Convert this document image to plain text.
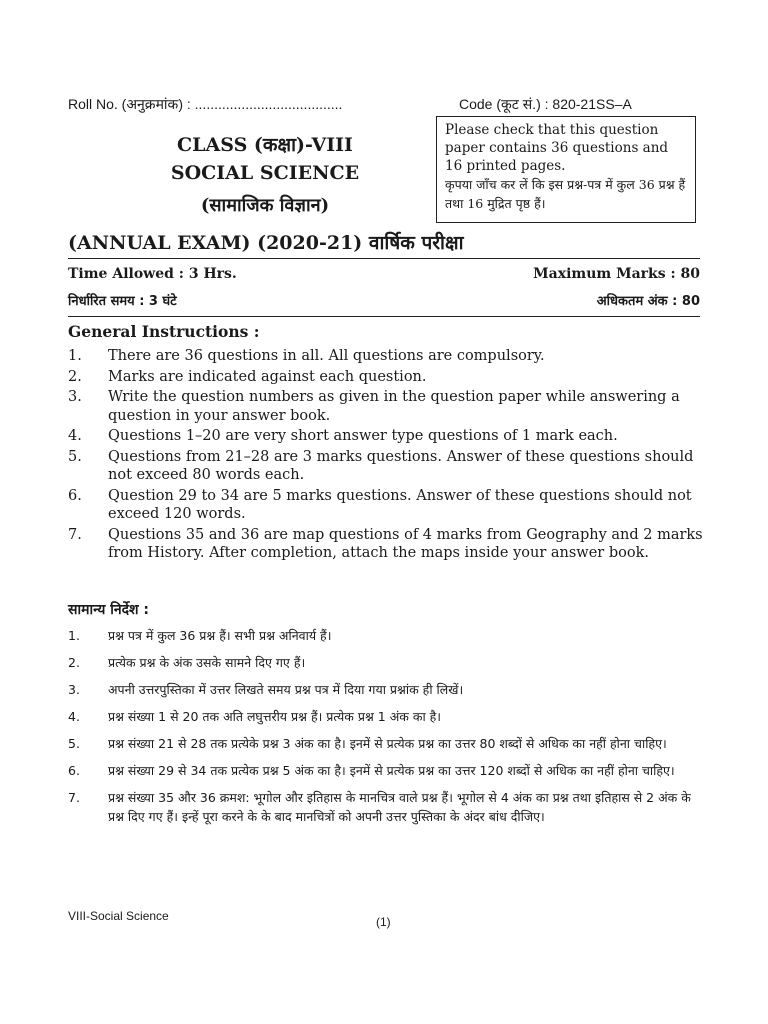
Roll No. (अनुक्रमांक) : ......................................	Code (कूट सं.) : 820-21SS–A
CLASS (कक्षा)-VIII
SOCIAL SCIENCE
(सामाजिक विज्ञान)
(ANNUAL EXAM) (2020-21) वार्षिक परीक्षा
Please check that this question paper contains 36 questions and 16 printed pages.
कृपया जाँच कर लें कि इस प्रश्न-पत्र में कुल 36 प्रश्न हैं तथा 16 मुद्रित पृष्ठ हैं।
Time Allowed : 3 Hrs.	Maximum Marks : 80
निर्धारित समय : 3 घंटे	अधिकतम अंक : 80
General Instructions :
1.	There are 36 questions in all. All questions are compulsory.
2.	Marks are indicated against each question.
3.	Write the question numbers as given in the question paper while answering a question in your answer book.
4.	Questions 1–20 are very short answer type questions of 1 mark each.
5.	Questions from 21–28 are 3 marks questions. Answer of these questions should not exceed 80 words each.
6.	Question 29 to 34 are 5 marks questions. Answer of these questions should not exceed 120 words.
7.	Questions 35 and 36 are map questions of 4 marks from Geography and 2 marks from History. After completion, attach the maps inside your answer book.
सामान्य निर्देश :
1.	प्रश्न पत्र में कुल 36 प्रश्न हैं। सभी प्रश्न अनिवार्य हैं।
2.	प्रत्येक प्रश्न के अंक उसके सामने दिए गए हैं।
3.	अपनी उत्तरपुस्तिका में उत्तर लिखते समय प्रश्न पत्र में दिया गया प्रश्नांक ही लिखें।
4.	प्रश्न संख्या 1 से 20 तक अति लघुत्तरीय प्रश्न हैं। प्रत्येक प्रश्न 1 अंक का है।
5.	प्रश्न संख्या 21 से 28 तक प्रत्येके प्रश्न 3 अंक का है। इनमें से प्रत्येक प्रश्न का उत्तर 80 शब्दों से अधिक का नहीं होना चाहिए।
6.	प्रश्न संख्या 29 से 34 तक प्रत्येक प्रश्न 5 अंक का है। इनमें से प्रत्येक प्रश्न का उत्तर 120 शब्दों से अधिक का नहीं होना चाहिए।
7.	प्रश्न संख्या 35 और 36 क्रमश: भूगोल और इतिहास के मानचित्र वाले प्रश्न हैं। भूगोल से 4 अंक का प्रश्न तथा इतिहास से 2 अंक के प्रश्न दिए गए हैं। इन्हें पूरा करने के के बाद मानचित्रों को अपनी उत्तर पुस्तिका के अंदर बांध दीजिए।
VIII-Social Science	(1)
